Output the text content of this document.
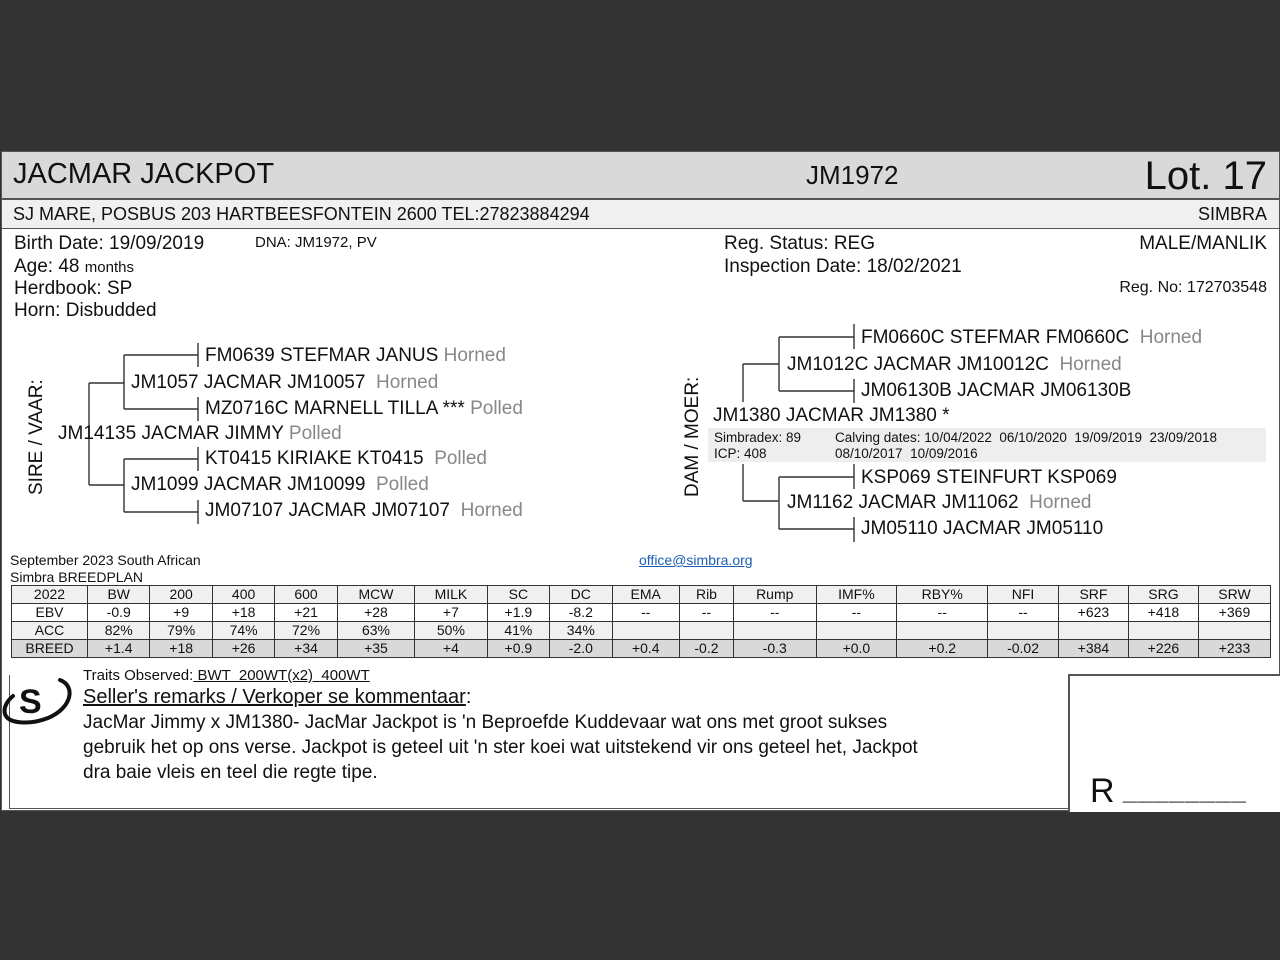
JACMAR JACKPOT	JM1972	Lot. 17
SJ MARE, POSBUS 203 HARTBEESFONTEIN 2600 TEL:27823884294	SIMBRA
Birth Date: 19/09/2019	DNA: JM1972, PV
Age: 48 months
Herdbook: SP
Horn: Disbudded
Reg. Status: REG
Inspection Date: 18/02/2021
MALE/MANLIK
Reg. No: 172703548
SIRE / VAAR:
FM0639 STEFMAR JANUS Horned
JM1057 JACMAR JM10057 Horned
MZ0716C MARNELL TILLA *** Polled
JM14135 JACMAR JIMMY Polled
KT0415 KIRIAKE KT0415 Polled
JM1099 JACMAR JM10099 Polled
JM07107 JACMAR JM07107 Horned
DAM / MOER:
FM0660C STEFMAR FM0660C Horned
JM1012C JACMAR JM10012C Horned
JM06130B JACMAR JM06130B
JM1380 JACMAR JM1380 *
Simbradex: 89
ICP: 408
Calving dates: 10/04/2022  06/10/2020  19/09/2019  23/09/2018
08/10/2017  10/09/2016
KSP069 STEINFURT KSP069
JM1162 JACMAR JM11062 Horned
JM05110 JACMAR JM05110
September 2023 South African
Simbra BREEDPLAN
office@simbra.org
2022	BW	200	400	600	MCW	MILK	SC	DC	EMA	Rib	Rump	IMF%	RBY%	NFI	SRF	SRG	SRW
EBV	-0.9	+9	+18	+21	+28	+7	+1.9	-8.2	--	--	--	--	--	--	+623	+418	+369
ACC	82%	79%	74%	72%	63%	50%	41%	34%									
BREED	+1.4	+18	+26	+34	+35	+4	+0.9	-2.0	+0.4	-0.2	-0.3	+0.0	+0.2	-0.02	+384	+226	+233
S
Traits Observed: BWT  200WT(x2)  400WT
Seller's remarks / Verkoper se kommentaar:
JacMar Jimmy x JM1380- JacMar Jackpot is 'n Beproefde Kuddevaar wat ons met groot sukses
gebruik het op ons verse. Jackpot is geteel uit 'n ster koei wat uitstekend vir ons geteel het, Jackpot
dra baie vleis en teel die regte tipe.	R ________
